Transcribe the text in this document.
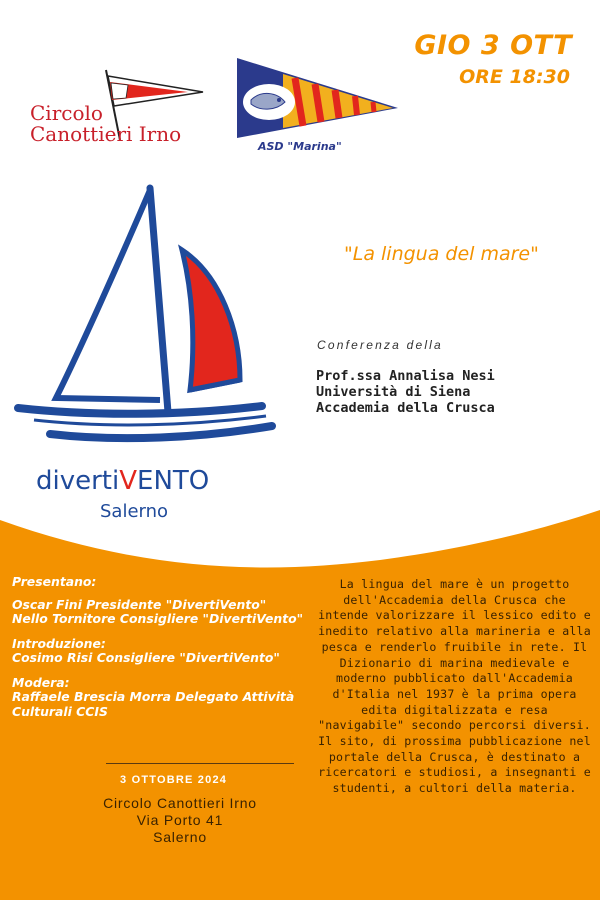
GIO 3 OTT
ORE 18:30
Circolo
Canottieri Irno
ASD "Marina"
divertiVENTO
Salerno
"La lingua del mare"
Conferenza della
Prof.ssa Annalisa Nesi
Università di Siena
Accademia della Crusca
Presentano:
Oscar Fini Presidente "DivertiVento"
Nello Tornitore Consigliere "DivertiVento"
Introduzione:
Cosimo Risi Consigliere "DivertiVento"
Modera:
Raffaele Brescia Morra Delegato Attività Culturali CCIS
3 OTTOBRE 2024
Circolo Canottieri Irno
Via Porto 41
Salerno
La lingua del mare è un progetto dell'Accademia della Crusca che intende valorizzare il lessico edito e inedito relativo alla marineria e alla pesca e renderlo fruibile in rete. Il Dizionario di marina medievale e moderno pubblicato dall'Accademia d'Italia nel 1937 è la prima opera edita digitalizzata e resa "navigabile" secondo percorsi diversi. Il sito, di prossima pubblicazione nel portale della Crusca, è destinato a ricercatori e studiosi, a insegnanti e studenti, a cultori della materia.
